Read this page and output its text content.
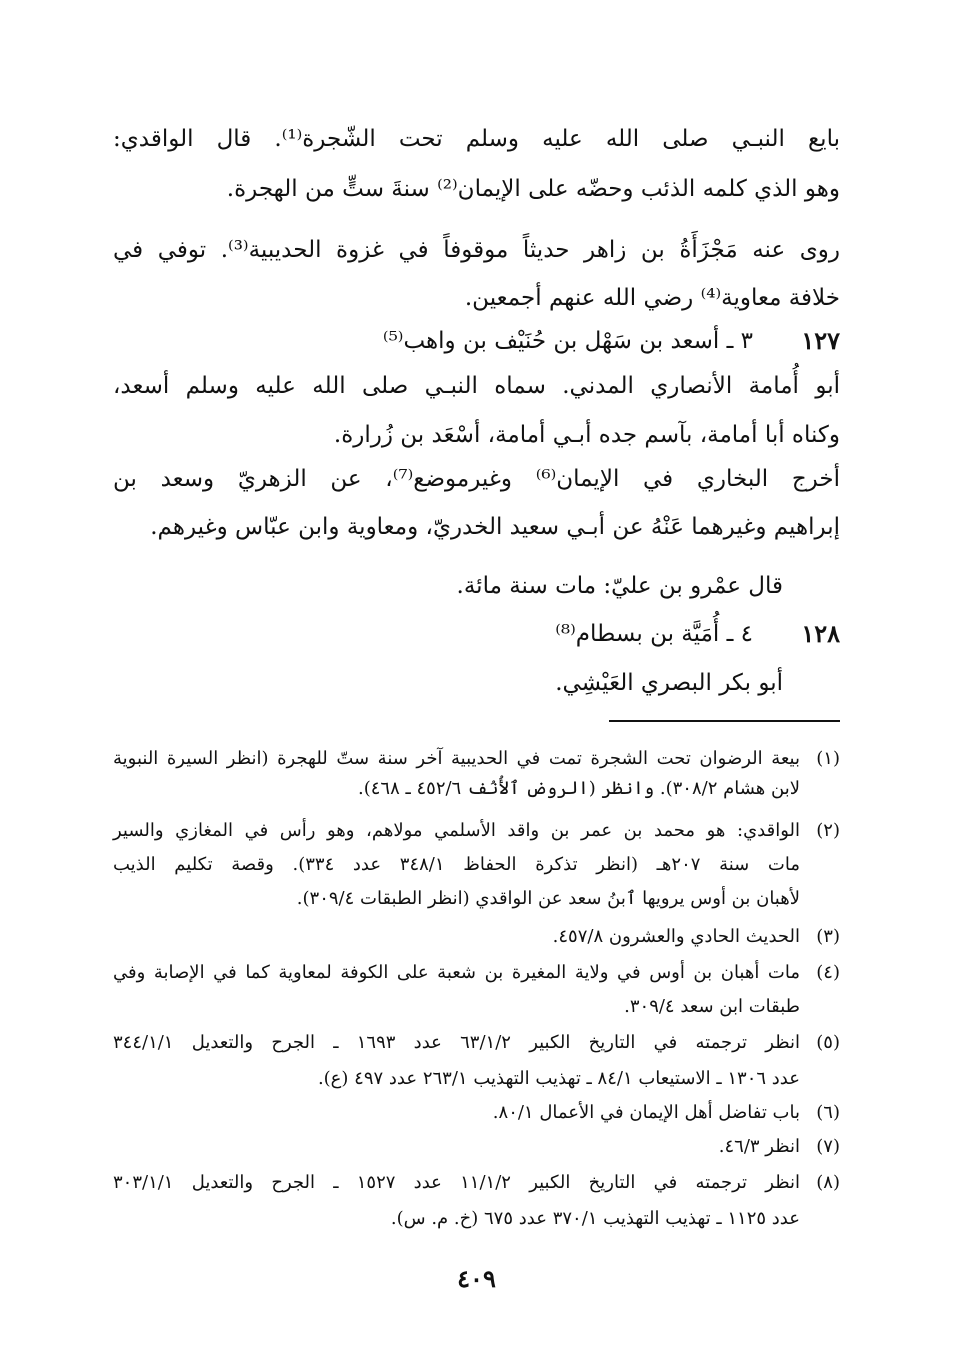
بايع النبـي صلى الله عليه وسلم تحت الشّجرة⁽¹⁾. قال الواقدي:
وهو الذي كلمه الذئب وحضّه على الإيمان⁽²⁾ سنةَ ستٍّ من الهجرة.
روى عنه مَجْزَأَةُ بن زاهر حديثاً موقوفاً في غزوة الحديبية⁽³⁾. توفي في
خلافة معاوية⁽⁴⁾ رضي الله عنهم أجمعين.
١٢٧
٣ ـ أسعد بن سَهْل بن حُنَيْف بن واهب⁽⁵⁾
أبو أُمامة الأنصاري المدني. سماه النبـي صلى الله عليه وسلم أسعد،
وكناه أبا أمامة، بآسم جده أبـي أمامة، أسْعَد بن زُرارة.
أخرج البخاري في الإيمان⁽⁶⁾ وغيرموضع⁽⁷⁾، عن الزهريّ وسعد بن
إبراهيم وغيرهما عَنْهُ عن أبـي سعيد الخدريّ، ومعاوية وابن عبّاس وغيرهم.
قال عمْرو بن عليّ: مات سنة مائة.
١٢٨
٤ ـ أُمَيَّة بن بسطام⁽⁸⁾
أبو بكر البصري العَيْشِي.
(١)
بيعة الرضوان تحت الشجرة تمت في الحديبية آخر سنة ستّ للهجرة (انظر السيرة النبوية
لابن هشام ٣٠٨/٢). وانظر (الروض ٱلأُنُف ٤٥٢/٦ ـ ٤٦٨).
(٢)
الواقدي: هو محمد بن عمر بن واقد الأسلمي مولاهم، وهو رأس في المغازي والسير
مات سنة ٢٠٧هـ (انظر تذكرة الحفاظ ٣٤٨/١ عدد ٣٣٤). وقصة تكليم الذيب
لأهبان بن أوس يرويها ٱبنُ سعد عن الواقدي (انظر الطبقات ٣٠٩/٤).
(٣)
الحديث الحادي والعشرون ٤٥٧/٨.
(٤)
مات أهبان بن أوس في ولاية المغيرة بن شعبة على الكوفة لمعاوية كما في الإصابة وفي
طبقات ابن سعد ٣٠٩/٤.
(٥)
انظر ترجمته في التاريخ الكبير ٦٣/١/٢ عدد ١٦٩٣ ـ الجرح والتعديل ٣٤٤/١/١
عدد ١٣٠٦ ـ الاستيعاب ٨٤/١ ـ تهذيب التهذيب ٢٦٣/١ عدد ٤٩٧ (ع).
(٦)
باب تفاضل أهل الإيمان في الأعمال ٨٠/١.
(٧)
انظر ٤٦/٣.
(٨)
انظر ترجمته في التاريخ الكبير ١١/١/٢ عدد ١٥٢٧ ـ الجرح والتعديل ٣٠٣/١/١
عدد ١١٢٥ ـ تهذيب التهذيب ٣٧٠/١ عدد ٦٧٥ (خ. م. س).
٤٠٩
